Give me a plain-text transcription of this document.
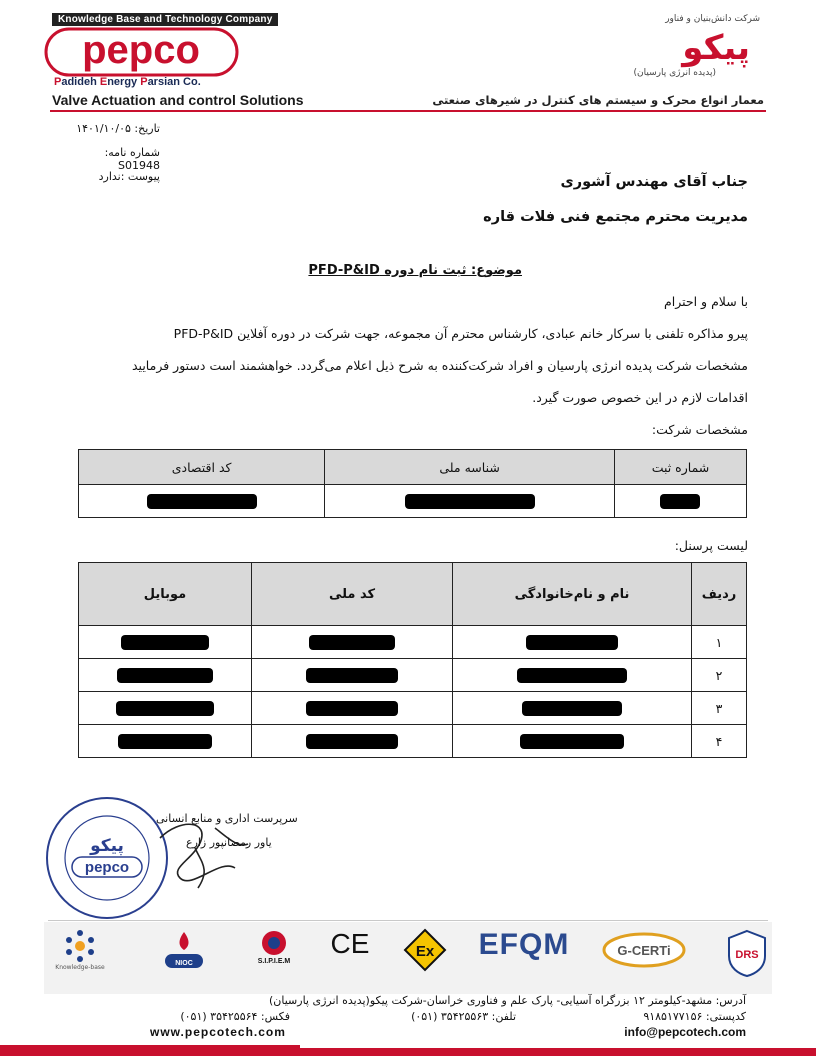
Knowledge Base and Technology Company
pepco
Padideh Energy Parsian Co.
Valve Actuation and control Solutions
شرکت دانش‌بنیان و فناور
پیکو
(پدیده انرژی پارسیان)
معمار انواع محرک و سیستم های کنترل در شیرهای صنعتی
تاریخ: ۱۴۰۱/۱۰/۰۵
شماره نامه: S01948
پیوست :ندارد	جناب آقای مهندس آشوری
مدیریت محترم مجتمع فنی فلات قاره
موضوع: ثبت نام دوره PFD-P&ID
با سلام و احترام
پیرو مذاکره تلفنی با سرکار خانم عبادی، کارشناس محترم آن مجموعه، جهت شرکت در دوره آفلاین PFD-P&ID
مشخصات شرکت پدیده انرژی پارسیان و افراد شرکت‌کننده به شرح ذیل اعلام می‌گردد. خواهشمند است دستور فرمایید
اقدامات لازم در این خصوص صورت گیرد.
مشخصات شرکت:
شماره ثبت	شناسه ملی	کد اقتصادی

لیست پرسنل:
ردیف	نام و نام‌خانوادگی	کد ملی	موبایل
۱			
۲			
۳			
۴			
پیکو
pepco
سرپرست اداری و منابع انسانی
یاور رمضانپور زارع
DRS
G-CERTi
EFQM
Ex
CE
S.I.P.I.E.M
NIOC
Knowledge-base
آدرس: مشهد-کیلومتر ۱۲ بزرگراه آسیایی- پارک علم و فناوری خراسان-شرکت پیکو(پدیده انرژی پارسیان)
کدپستی: ۹۱۸۵۱۷۷۱۵۶
تلفن: ۳۵۴۲۵۵۶۳ (۰۵۱)
فکس: ۳۵۴۲۵۵۶۴ (۰۵۱)
info@pepcotech.com
www.pepcotech.com
